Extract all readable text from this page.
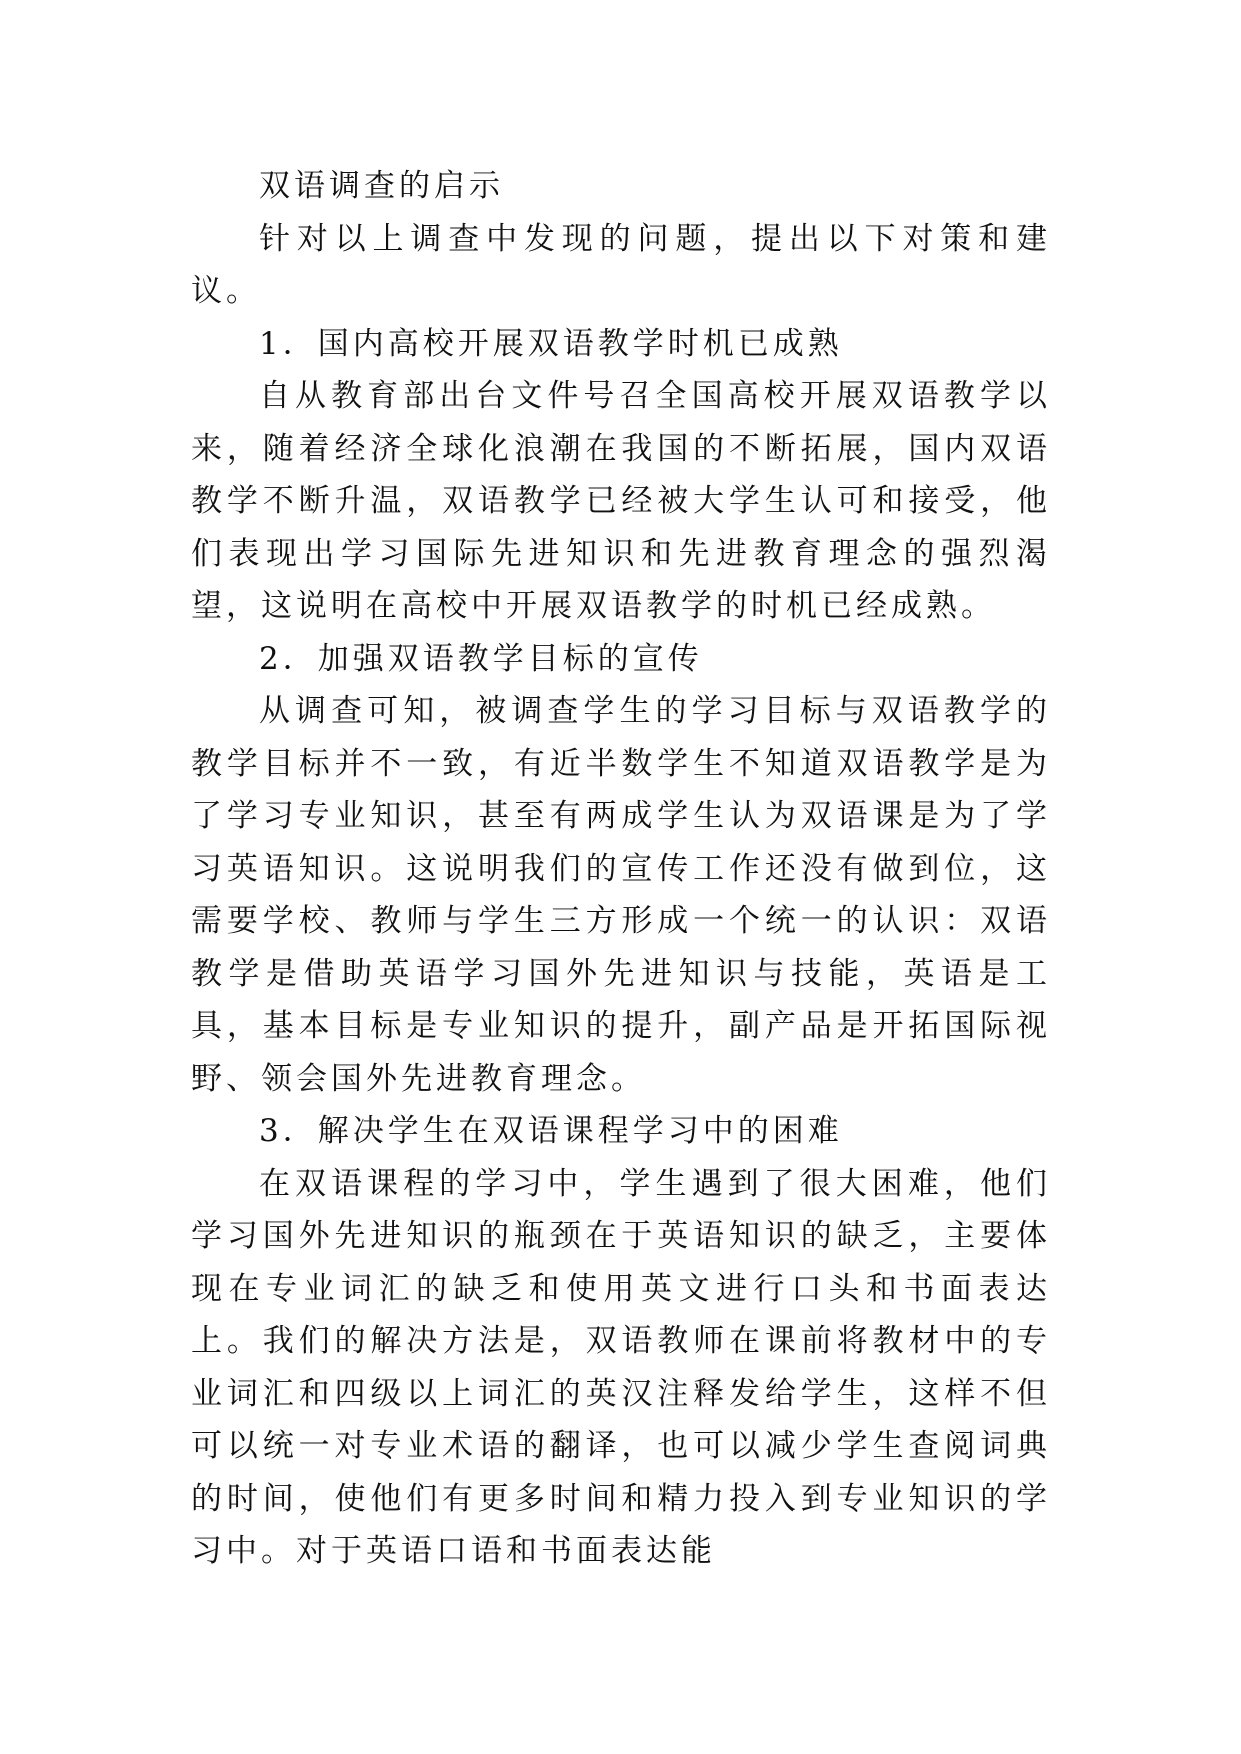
双语调查的启示

针对以上调查中发现的问题，提出以下对策和建议。

1．国内高校开展双语教学时机已成熟

自从教育部出台文件号召全国高校开展双语教学以来，随着经济全球化浪潮在我国的不断拓展，国内双语教学不断升温，双语教学已经被大学生认可和接受，他们表现出学习国际先进知识和先进教育理念的强烈渴望，这说明在高校中开展双语教学的时机已经成熟。

2．加强双语教学目标的宣传

从调查可知，被调查学生的学习目标与双语教学的教学目标并不一致，有近半数学生不知道双语教学是为了学习专业知识，甚至有两成学生认为双语课是为了学习英语知识。这说明我们的宣传工作还没有做到位，这需要学校、教师与学生三方形成一个统一的认识：双语教学是借助英语学习国外先进知识与技能，英语是工具，基本目标是专业知识的提升，副产品是开拓国际视野、领会国外先进教育理念。

3．解决学生在双语课程学习中的困难

在双语课程的学习中，学生遇到了很大困难，他们学习国外先进知识的瓶颈在于英语知识的缺乏，主要体现在专业词汇的缺乏和使用英文进行口头和书面表达上。我们的解决方法是，双语教师在课前将教材中的专业词汇和四级以上词汇的英汉注释发给学生，这样不但可以统一对专业术语的翻译，也可以减少学生查阅词典的时间，使他们有更多时间和精力投入到专业知识的学习中。对于英语口语和书面表达能
